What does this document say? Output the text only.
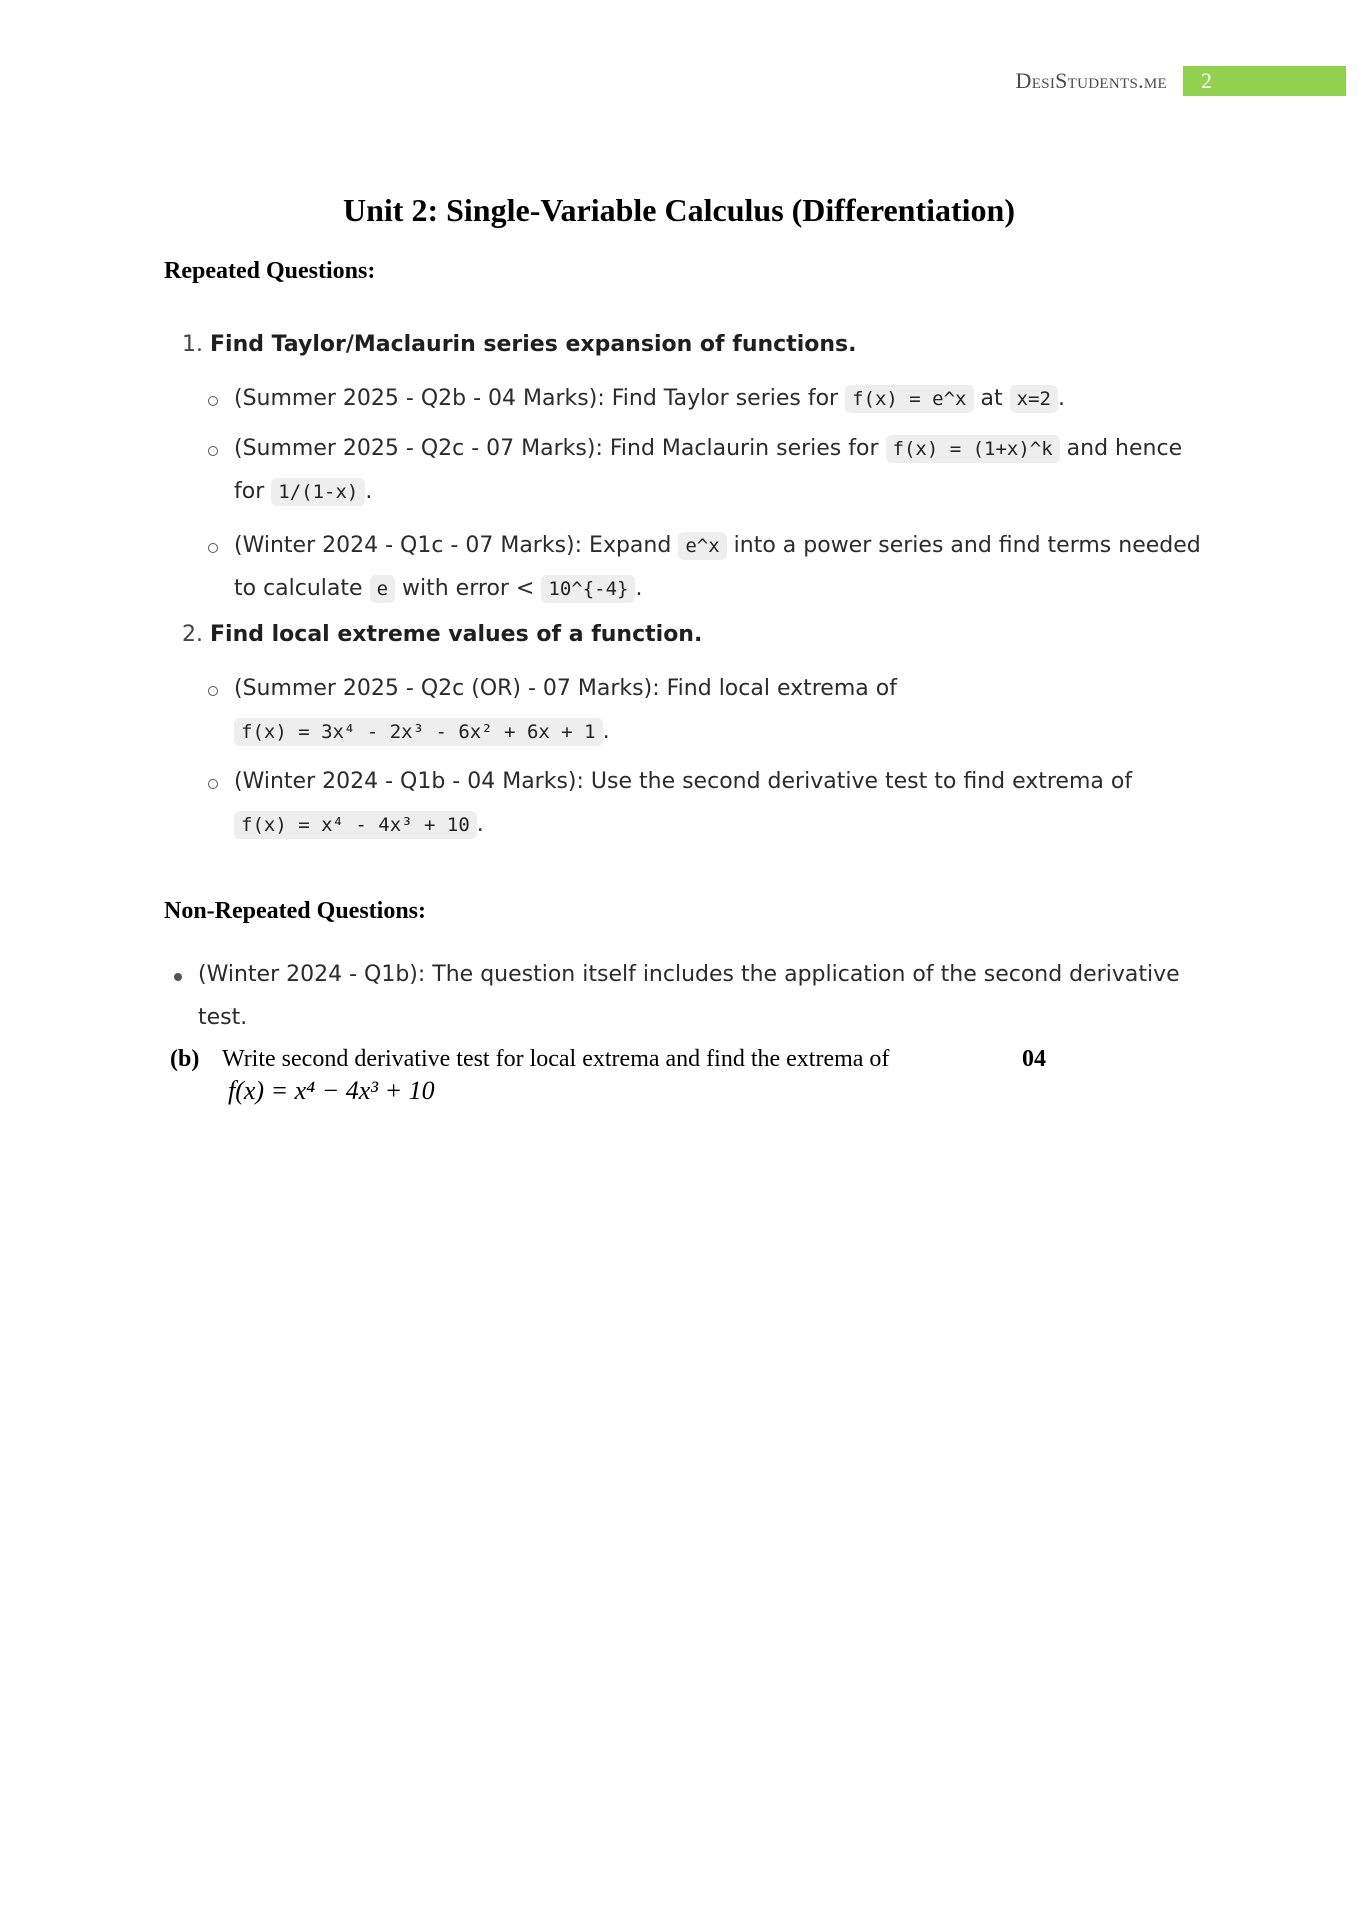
DesiStudents.me	2
Unit 2: Single-Variable Calculus (Differentiation)
Repeated Questions:
1. Find Taylor/Maclaurin series expansion of functions.
(Summer 2025 - Q2b - 04 Marks): Find Taylor series for f(x) = e^x at x=2 .
(Summer 2025 - Q2c - 07 Marks): Find Maclaurin series for f(x) = (1+x)^k and hence
for 1/(1-x) .
(Winter 2024 - Q1c - 07 Marks): Expand e^x into a power series and find terms needed
to calculate e with error < 10^{-4} .
2. Find local extreme values of a function.
(Summer 2025 - Q2c (OR) - 07 Marks): Find local extrema of
f(x) = 3x⁴ - 2x³ - 6x² + 6x + 1 .
(Winter 2024 - Q1b - 04 Marks): Use the second derivative test to find extrema of
f(x) = x⁴ - 4x³ + 10 .
Non-Repeated Questions:
(Winter 2024 - Q1b): The question itself includes the application of the second derivative
test.
(b) Write second derivative test for local extrema and find the extrema of
f(x) = x⁴ − 4x³ + 10
04
